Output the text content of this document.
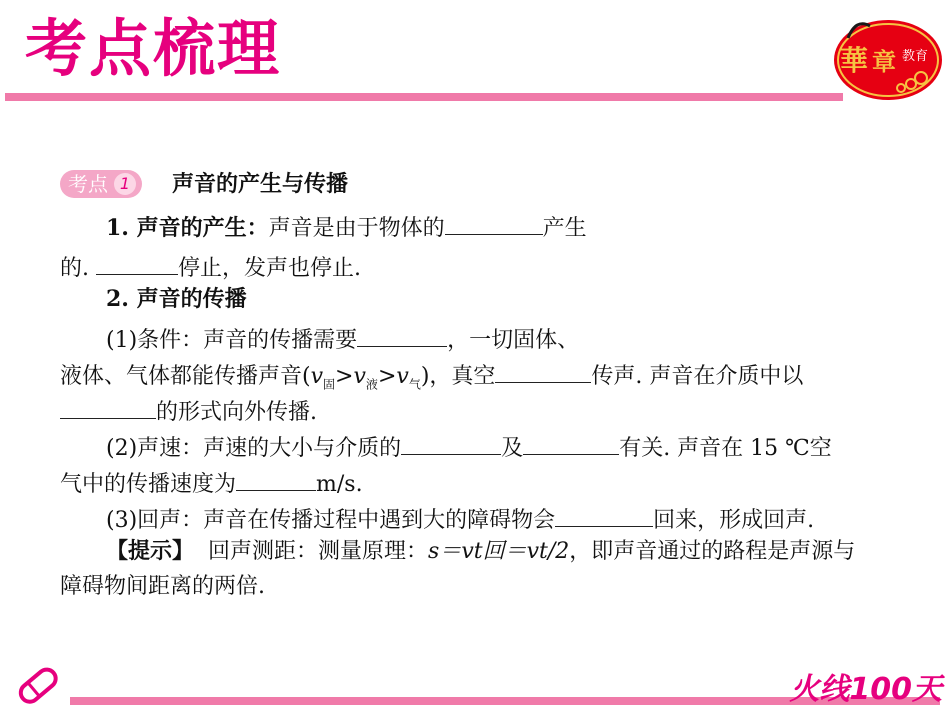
考点梳理	華 章 教育
考点 1 声音的产生与传播
1. 声音的产生：声音是由于物体的	产生
的.	停止，发声也停止.
2. 声音的传播
(1)条件：声音的传播需要	，一切固体、
液体、气体都能传播声音$(v_固>v_液>v_气)$，真空	传声. 声音在介质中以
的形式向外传播.
(2)声速：声速的大小与介质的	及	有关. 声音在 15 ℃空
气中的传播速度为	m/s.
(3)回声：声音在传播过程中遇到大的障碍物会	回来，形成回声.
【提示】 回声测距：测量原理：s＝vt回＝vt/2，即声音通过的路程是声源与
障碍物间距离的两倍.
火线100天
